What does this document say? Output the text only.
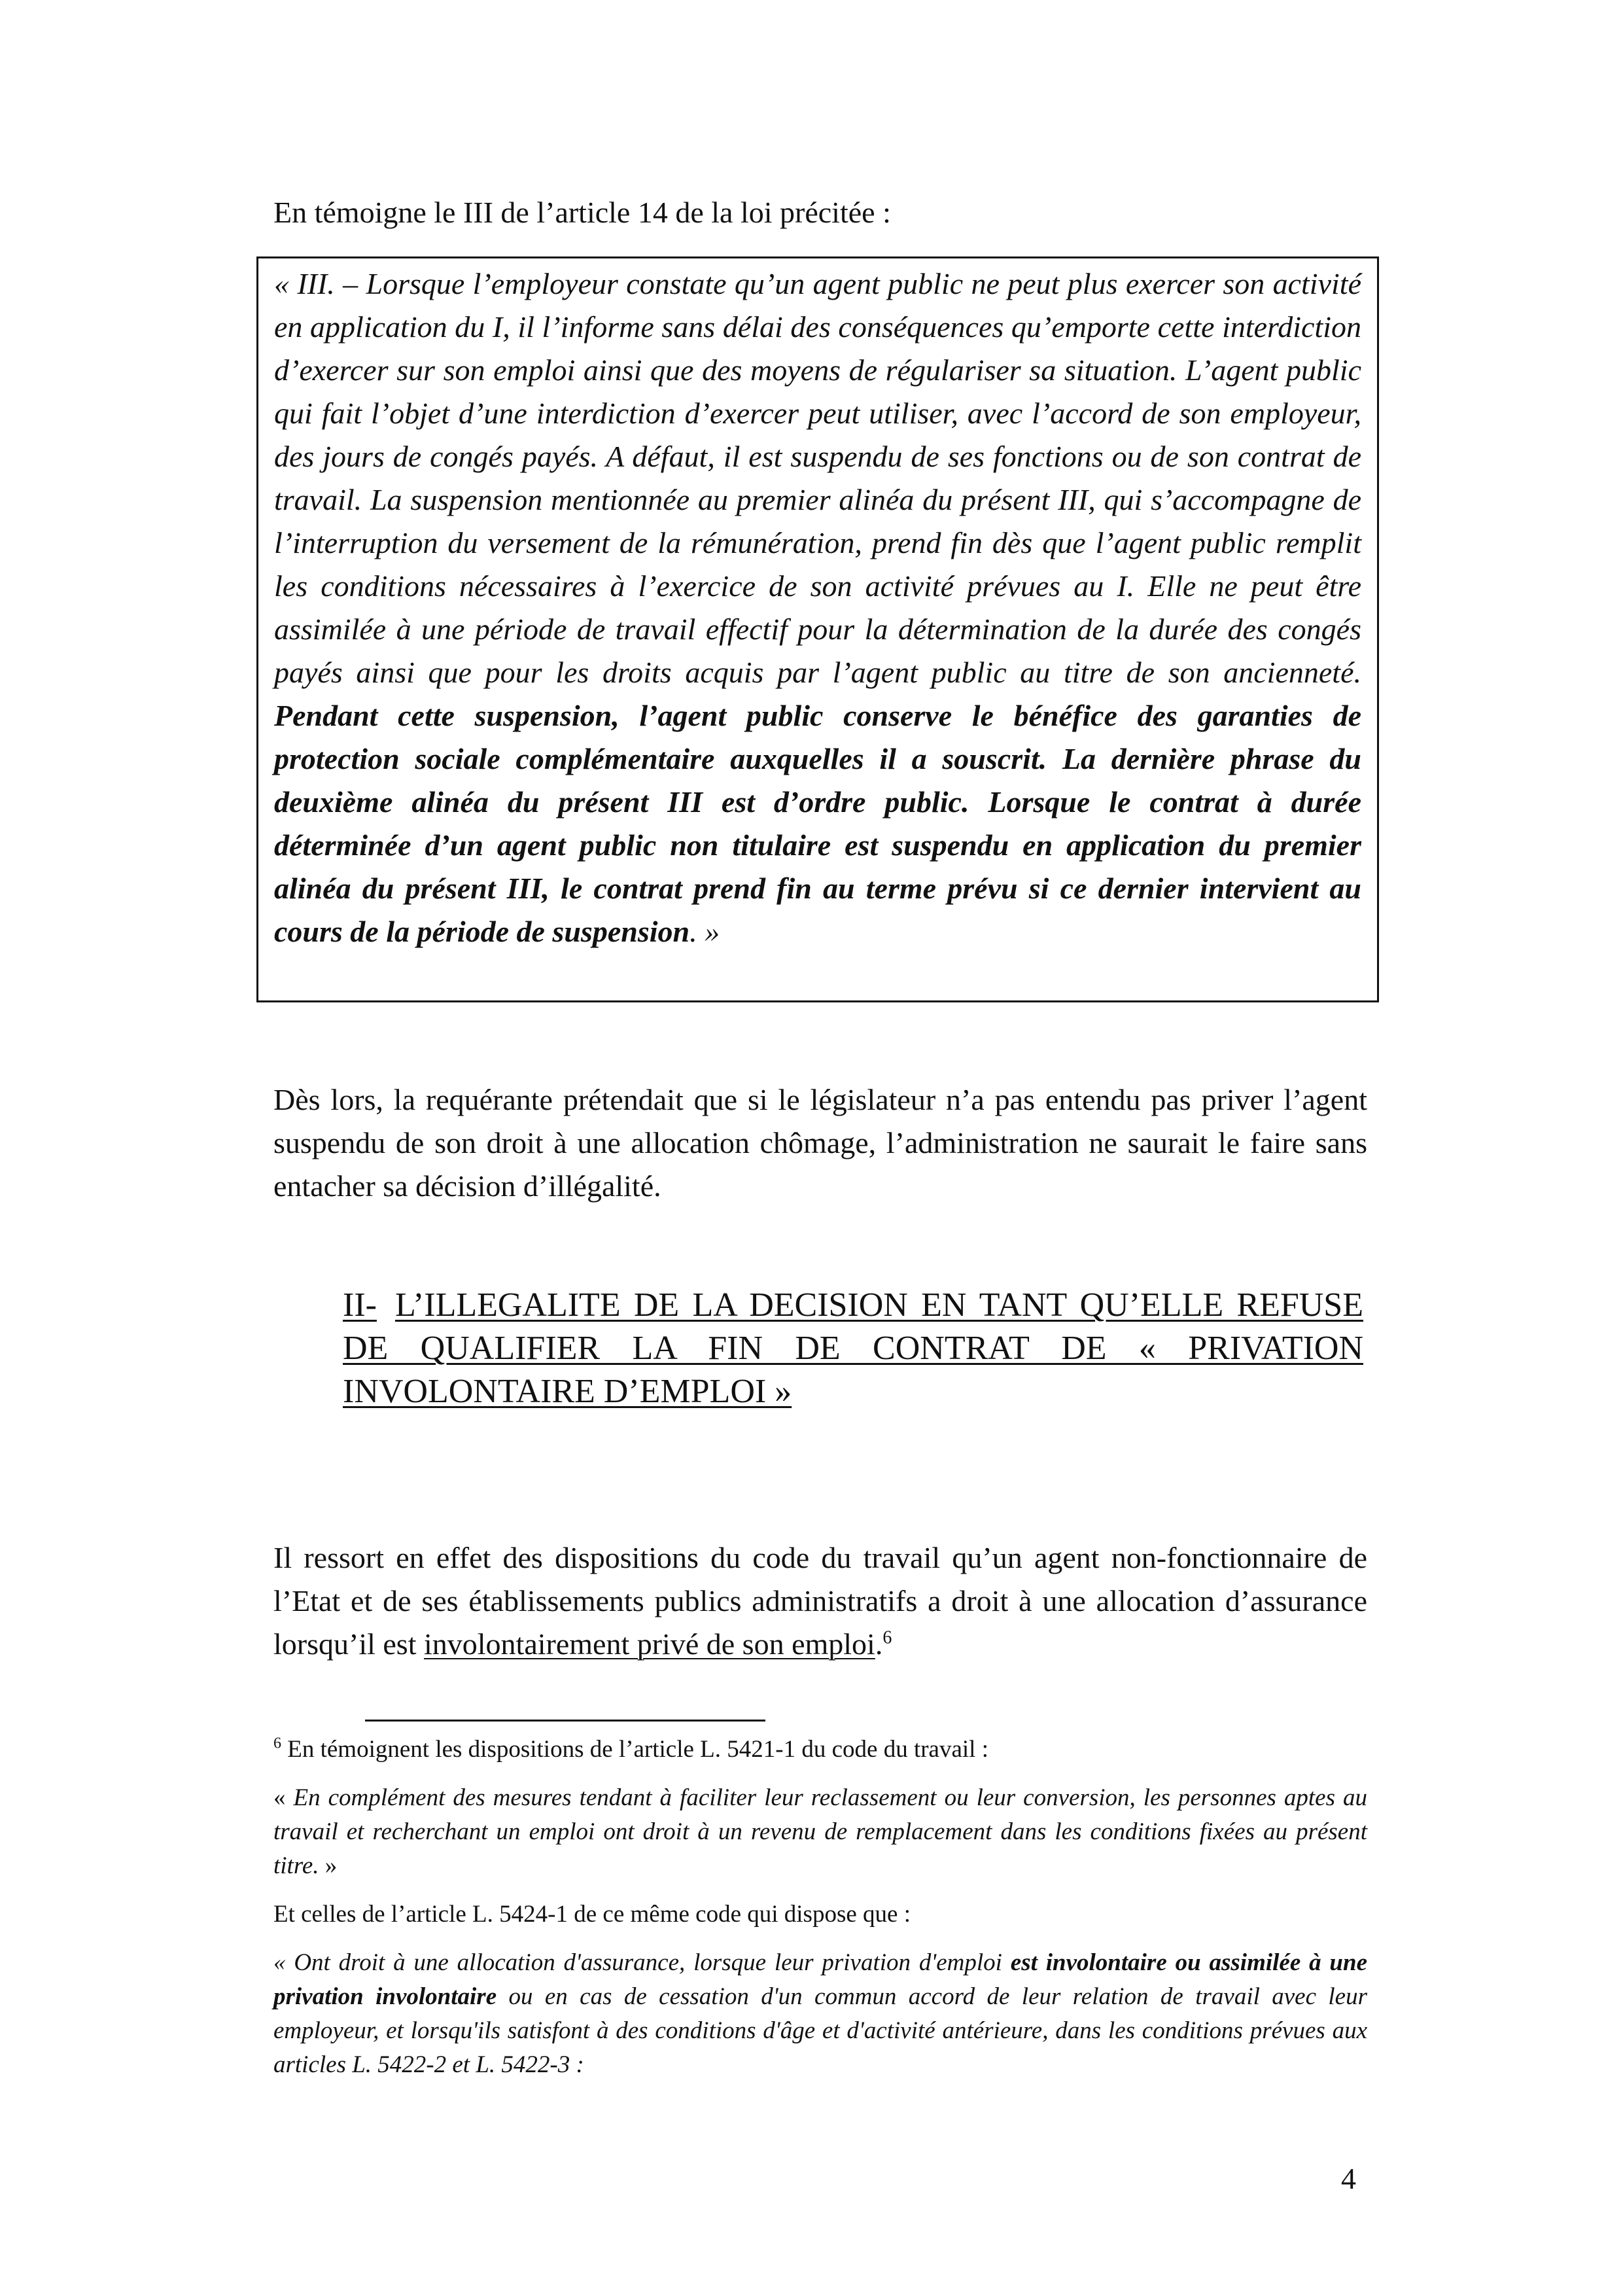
En témoigne le III de l’article 14 de la loi précitée :

« III. – Lorsque l’employeur constate qu’un agent public ne peut plus exercer son activité en application du I, il l’informe sans délai des conséquences qu’emporte cette interdiction d’exercer sur son emploi ainsi que des moyens de régulariser sa situation. L’agent public qui fait l’objet d’une interdiction d’exercer peut utiliser, avec l’accord de son employeur, des jours de congés payés. A défaut, il est suspendu de ses fonctions ou de son contrat de travail. La suspension mentionnée au premier alinéa du présent III, qui s’accompagne de l’interruption du versement de la rémunération, prend fin dès que l’agent public remplit les conditions nécessaires à l’exercice de son activité prévues au I. Elle ne peut être assimilée à une période de travail effectif pour la détermination de la durée des congés payés ainsi que pour les droits acquis par l’agent public au titre de son ancienneté. Pendant cette suspension, l’agent public conserve le bénéfice des garanties de protection sociale complémentaire auxquelles il a souscrit. La dernière phrase du deuxième alinéa du présent III est d’ordre public. Lorsque le contrat à durée déterminée d’un agent public non titulaire est suspendu en application du premier alinéa du présent III, le contrat prend fin au terme prévu si ce dernier intervient au cours de la période de suspension. »

Dès lors, la requérante prétendait que si le législateur n’a pas entendu pas priver l’agent suspendu de son droit à une allocation chômage, l’administration ne saurait le faire sans entacher sa décision d’illégalité.

II- L’ILLEGALITE DE LA DECISION EN TANT QU’ELLE REFUSE DE QUALIFIER LA FIN DE CONTRAT DE « PRIVATION INVOLONTAIRE D’EMPLOI »

Il ressort en effet des dispositions du code du travail qu’un agent non-fonctionnaire de l’Etat et de ses établissements publics administratifs a droit à une allocation d’assurance lorsqu’il est involontairement privé de son emploi.$^6$

$^6$ En témoignent les dispositions de l’article L. 5421-1 du code du travail :

« En complément des mesures tendant à faciliter leur reclassement ou leur conversion, les personnes aptes au travail et recherchant un emploi ont droit à un revenu de remplacement dans les conditions fixées au présent titre. »

Et celles de l’article L. 5424-1 de ce même code qui dispose que :

« Ont droit à une allocation d'assurance, lorsque leur privation d'emploi est involontaire ou assimilée à une privation involontaire ou en cas de cessation d'un commun accord de leur relation de travail avec leur employeur, et lorsqu'ils satisfont à des conditions d'âge et d'activité antérieure, dans les conditions prévues aux articles L. 5422-2 et L. 5422-3 :

4
